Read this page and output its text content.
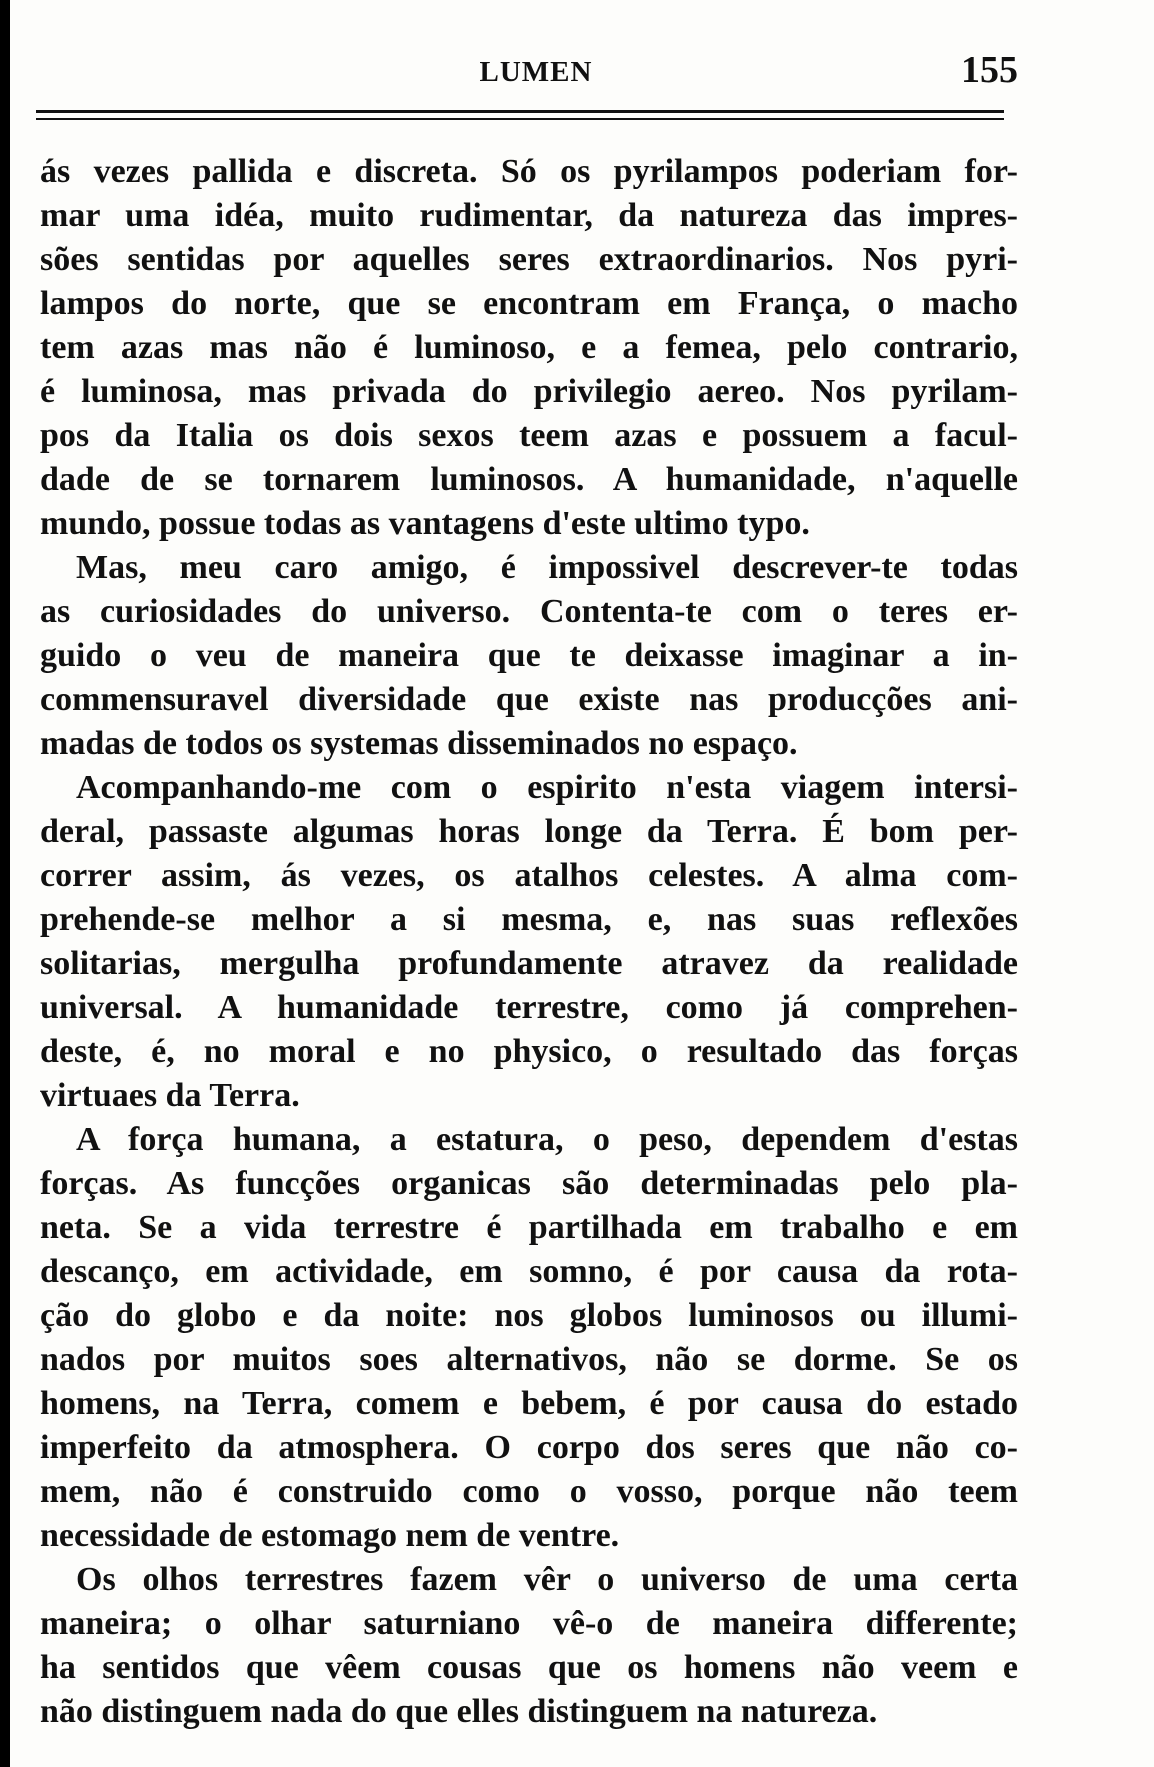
LUMEN	155
ás vezes pallida e discreta. Só os pyrilampos poderiam for-
mar uma idéa, muito rudimentar, da natureza das impres-
sões sentidas por aquelles seres extraordinarios. Nos pyri-
lampos do norte, que se encontram em França, o macho
tem azas mas não é luminoso, e a femea, pelo contrario,
é luminosa, mas privada do privilegio aereo. Nos pyrilam-
pos da Italia os dois sexos teem azas e possuem a facul-
dade de se tornarem luminosos. A humanidade, n'aquelle
mundo, possue todas as vantagens d'este ultimo typo.
Mas, meu caro amigo, é impossivel descrever-te todas
as curiosidades do universo. Contenta-te com o teres er-
guido o veu de maneira que te deixasse imaginar a in-
commensuravel diversidade que existe nas producções ani-
madas de todos os systemas disseminados no espaço.
Acompanhando-me com o espirito n'esta viagem intersi-
deral, passaste algumas horas longe da Terra. É bom per-
correr assim, ás vezes, os atalhos celestes. A alma com-
prehende-se melhor a si mesma, e, nas suas reflexões
solitarias, mergulha profundamente atravez da realidade
universal. A humanidade terrestre, como já comprehen-
deste, é, no moral e no physico, o resultado das forças
virtuaes da Terra.
A força humana, a estatura, o peso, dependem d'estas
forças. As funcções organicas são determinadas pelo pla-
neta. Se a vida terrestre é partilhada em trabalho e em
descanço, em actividade, em somno, é por causa da rota-
ção do globo e da noite: nos globos luminosos ou illumi-
nados por muitos soes alternativos, não se dorme. Se os
homens, na Terra, comem e bebem, é por causa do estado
imperfeito da atmosphera. O corpo dos seres que não co-
mem, não é construido como o vosso, porque não teem
necessidade de estomago nem de ventre.
Os olhos terrestres fazem vêr o universo de uma certa
maneira; o olhar saturniano vê-o de maneira differente;
ha sentidos que vêem cousas que os homens não veem e
não distinguem nada do que elles distinguem na natureza.
